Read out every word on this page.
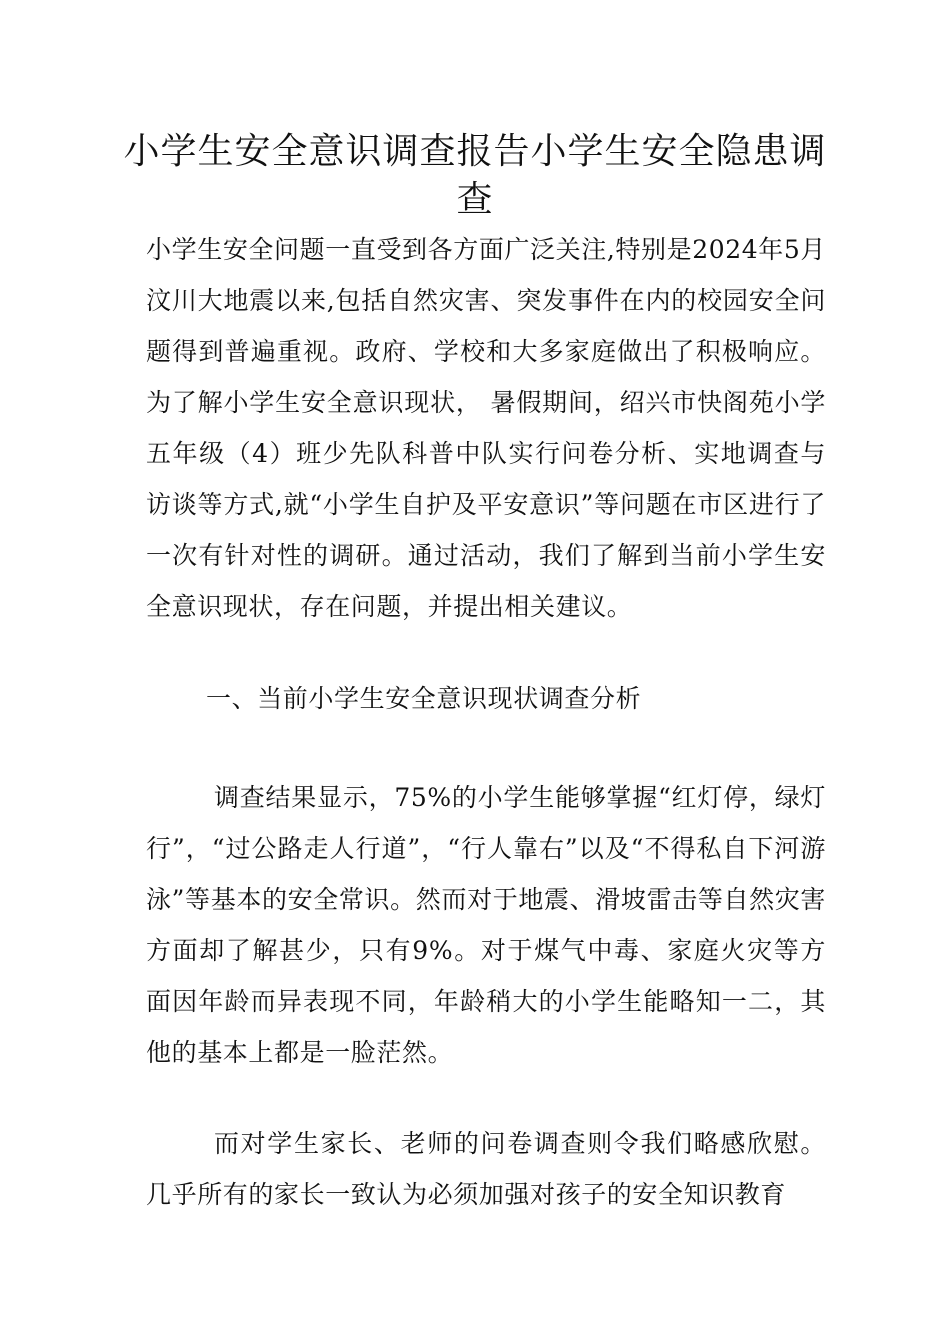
小学生安全意识调查报告小学生安全隐患调查

小学生安全问题一直受到各方面广泛关注,特别是2024年5月汶川大地震以来,包括自然灾害、突发事件在内的校园安全问题得到普遍重视。政府、学校和大多家庭做出了积极响应。为了解小学生安全意识现状， 暑假期间，绍兴市快阁苑小学五年级（4）班少先队科普中队实行问卷分析、实地调查与访谈等方式,就“小学生自护及平安意识”等问题在市区进行了一次有针对性的调研。通过活动，我们了解到当前小学生安全意识现状，存在问题，并提出相关建议。

一、当前小学生安全意识现状调查分析

调查结果显示，75%的小学生能够掌握“红灯停，绿灯行”，“过公路走人行道”，“行人靠右”以及“不得私自下河游泳”等基本的安全常识。然而对于地震、滑坡雷击等自然灾害方面却了解甚少，只有9%。对于煤气中毒、家庭火灾等方面因年龄而异表现不同，年龄稍大的小学生能略知一二，其他的基本上都是一脸茫然。

而对学生家长、老师的问卷调查则令我们略感欣慰。几乎所有的家长一致认为必须加强对孩子的安全知识教育
